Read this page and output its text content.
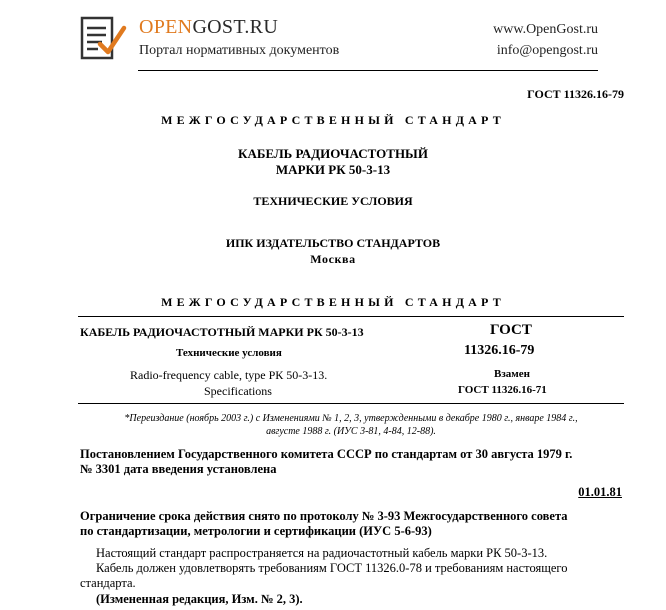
OPENGOST.RU
Портал нормативных документов
www.OpenGost.ru
info@opengost.ru
ГОСТ 11326.16-79
МЕЖГОСУДАРСТВЕННЫЙ СТАНДАРТ
КАБЕЛЬ РАДИОЧАСТОТНЫЙ
МАРКИ РК 50-3-13
ТЕХНИЧЕСКИЕ УСЛОВИЯ
ИПК ИЗДАТЕЛЬСТВО СТАНДАРТОВ
Москва
МЕЖГОСУДАРСТВЕННЫЙ СТАНДАРТ
КАБЕЛЬ РАДИОЧАСТОТНЫЙ МАРКИ РК 50-3-13
Технические условия
Radio-frequency cable, type РК 50-3-13.
Specifications
ГОСТ
11326.16-79
Взамен
ГОСТ 11326.16-71
*Переиздание (ноябрь 2003 г.) с Изменениями № 1, 2, 3, утвержденными в декабре 1980 г., январе 1984 г.,
августе 1988 г. (ИУС 3-81, 4-84, 12-88).
Постановлением Государственного комитета СССР по стандартам от 30 августа 1979 г.
№ 3301 дата введения установлена
01.01.81
Ограничение срока действия снято по протоколу № 3-93 Межгосударственного совета
по стандартизации, метрологии и сертификации (ИУС 5-6-93)
Настоящий стандарт распространяется на радиочастотный кабель марки РК 50-3-13.
Кабель должен удовлетворять требованиям ГОСТ 11326.0-78 и требованиям настоящего
стандарта.
(Измененная редакция, Изм. № 2, 3).
